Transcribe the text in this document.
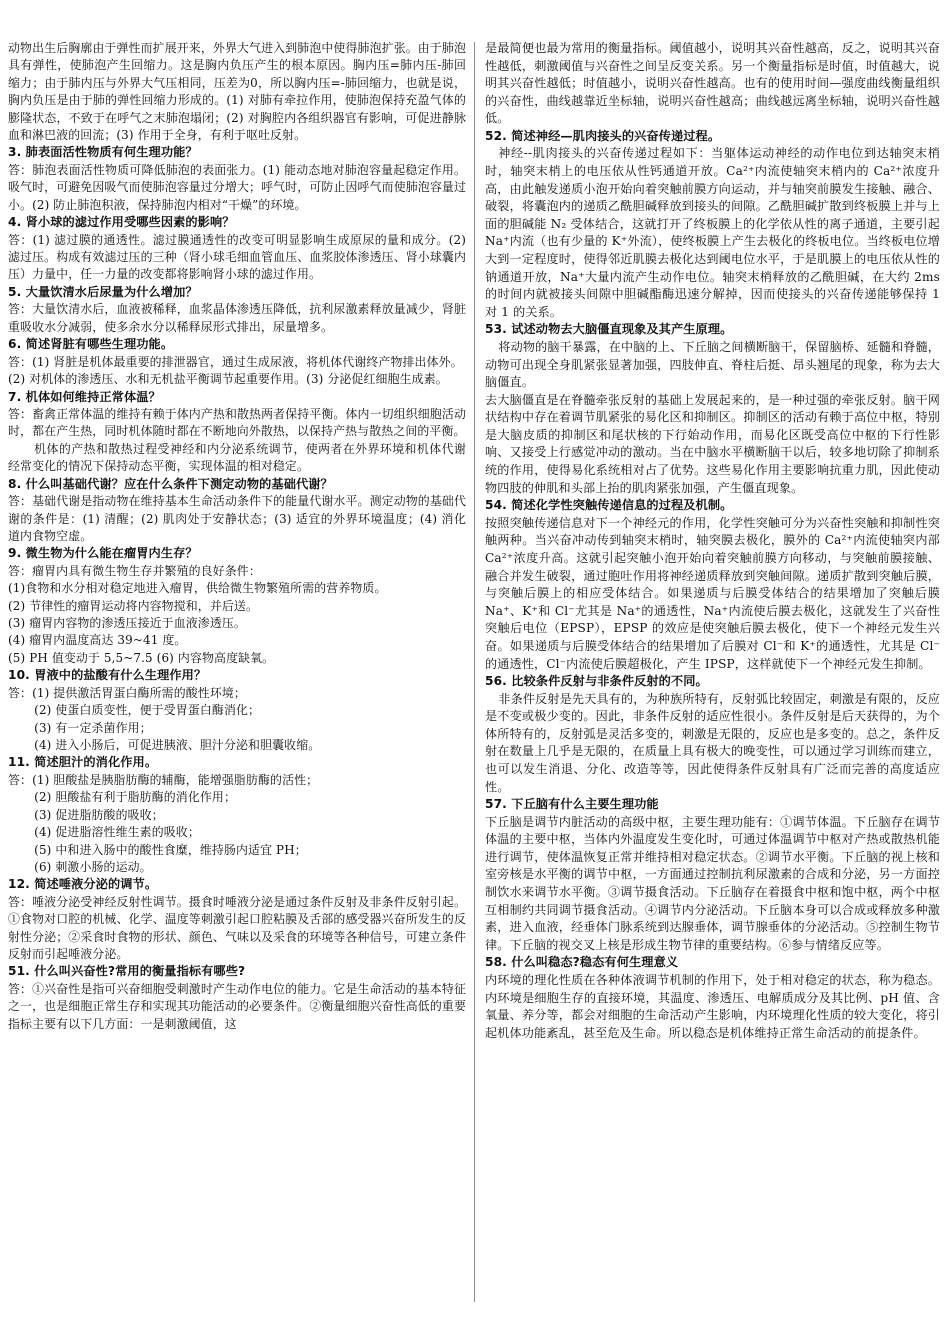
动物出生后胸廓由于弹性而扩展开来，外界大气进入到肺泡中使得肺泡扩张。由于肺泡具有弹性，使肺泡产生回缩力。这是胸内负压产生的根本原因。胸内压=肺内压-肺回缩力；由于肺内压与外界大气压相同，压差为0，所以胸内压=-肺回缩力，也就是说，胸内负压是由于肺的弹性回缩力形成的。(1) 对肺有牵拉作用，使肺泡保持充盈气体的膨隆状态，不致于在呼气之末肺泡塌闭；(2) 对胸腔内各组织器官有影响，可促进静脉血和淋巴液的回流；(3) 作用于全身，有利于呕吐反射。
3. 肺表面活性物质有何生理功能？
答：肺泡表面活性物质可降低肺泡的表面张力。(1) 能动态地对肺泡容量起稳定作用。吸气时，可避免因吸气而使肺泡容量过分增大；呼气时，可防止因呼气而使肺泡容量过小。(2) 防止肺泡积液，保持肺泡内相对“干燥”的环境。
4. 肾小球的滤过作用受哪些因素的影响？
答：(1) 滤过膜的通透性。滤过膜通透性的改变可明显影响生成原尿的量和成分。(2) 滤过压。构成有效滤过压的三种（肾小球毛细血管血压、血浆胶体渗透压、肾小球囊内压）力量中，任一力量的改变都将影响肾小球的滤过作用。
5. 大量饮清水后尿量为什么增加？
答：大量饮清水后，血液被稀释，血浆晶体渗透压降低，抗利尿激素释放量减少，肾脏重吸收水分减弱，使多余水分以稀释尿形式排出，尿量增多。
6. 简述肾脏有哪些生理功能。
答：(1) 肾脏是机体最重要的排泄器官，通过生成尿液，将机体代谢终产物排出体外。
(2) 对机体的渗透压、水和无机盐平衡调节起重要作用。(3) 分泌促红细胞生成素。
7. 机体如何维持正常体温？
答：畜禽正常体温的维持有赖于体内产热和散热两者保持平衡。体内一切组织细胞活动时，都在产生热，同时机体随时都在不断地向外散热，以保持产热与散热之间的平衡。
机体的产热和散热过程受神经和内分泌系统调节，使两者在外界环境和机体代谢经常变化的情况下保持动态平衡，实现体温的相对稳定。
8. 什么叫基础代谢？应在什么条件下测定动物的基础代谢？
答：基础代谢是指动物在维持基本生命活动条件下的能量代谢水平。测定动物的基础代谢的条件是：(1) 清醒；(2) 肌肉处于安静状态；(3) 适宜的外界环境温度；(4) 消化道内食物空虚。
9. 微生物为什么能在瘤胃内生存？
答：瘤胃内具有微生物生存并繁殖的良好条件：
(1)食物和水分相对稳定地进入瘤胃，供给微生物繁殖所需的营养物质。
(2) 节律性的瘤胃运动将内容物搅和，并后送。
(3) 瘤胃内容物的渗透压接近于血液渗透压。
(4) 瘤胃内温度高达 39~41 度。
(5) PH 值变动于 5,5~7.5 (6) 内容物高度缺氧。
10. 胃液中的盐酸有什么生理作用？
答：(1) 提供激活胃蛋白酶所需的酸性环境；
(2) 使蛋白质变性，便于受胃蛋白酶消化；
(3) 有一定杀菌作用；
(4) 进入小肠后，可促进胰液、胆汁分泌和胆囊收缩。
11. 简述胆汁的消化作用。
答：(1) 胆酸盐是胰脂肪酶的辅酶，能增强脂肪酶的活性；
(2) 胆酸盐有利于脂肪酶的消化作用；
(3) 促进脂肪酸的吸收；
(4) 促进脂溶性维生素的吸收；
(5) 中和进入肠中的酸性食糜，维持肠内适宜 PH；
(6) 刺激小肠的运动。
12. 简述唾液分泌的调节。
答：唾液分泌受神经反射性调节。摄食时唾液分泌是通过条件反射及非条件反射引起。①食物对口腔的机械、化学、温度等刺激引起口腔粘膜及舌部的感受器兴奋所发生的反射性分泌；②采食时食物的形状、颜色、气味以及采食的环境等各种信号，可建立条件反射而引起唾液分泌。
51. 什么叫兴奋性?常用的衡量指标有哪些?
答：①兴奋性是指可兴奋细胞受刺激时产生动作电位的能力。它是生命活动的基本特征之一，也是细胞正常生存和实现其功能活动的必要条件。②衡量细胞兴奋性高低的重要指标主要有以下几方面：一是刺激阈值，这
是最简便也最为常用的衡量指标。阈值越小，说明其兴奋性越高，反之，说明其兴奋性越低，刺激阈值与兴奋性之间呈反变关系。另一个衡量指标是时值，时值越大，说明其兴奋性越低；时值越小，说明兴奋性越高。也有的使用时间—强度曲线衡量组织的兴奋性，曲线越靠近坐标轴，说明兴奋性越高；曲线越远离坐标轴，说明兴奋性越低。
52. 简述神经—肌肉接头的兴奋传递过程。
神经--肌肉接头的兴奋传递过程如下：当躯体运动神经的动作电位到达轴突末梢时，轴突末梢上的电压依从性钙通道开放。Ca²⁺内流使轴突末梢内的 Ca²⁺浓度升高，由此触发递质小泡开始向着突触前膜方向运动，并与轴突前膜发生接触、融合、破裂，将囊泡内的递质乙酰胆碱释放到接头的间隙。乙酰胆碱扩散到终板膜上并与上面的胆碱能 N₂ 受体结合，这就打开了终板膜上的化学依从性的离子通道，主要引起 Na⁺内流（也有少量的 K⁺外流），使终板膜上产生去极化的终板电位。当终板电位增大到一定程度时，使得邻近肌膜去极化达到阈电位水平，于是肌膜上的电压依从性的钠通道开放，Na⁺大量内流产生动作电位。轴突末梢释放的乙酰胆碱，在大约 2ms 的时间内就被接头间隙中胆碱酯酶迅速分解掉，因而使接头的兴奋传递能够保持 1 对 1 的关系。
53. 试述动物去大脑僵直现象及其产生原理。
将动物的脑干暴露，在中脑的上、下丘脑之间横断脑干，保留脑桥、延髓和脊髓，动物可出现全身肌紧张显著加强，四肢伸直、脊柱后挺、昂头翘尾的现象，称为去大脑僵直。
去大脑僵直是在脊髓牵张反射的基础上发展起来的，是一种过强的牵张反射。脑干网状结构中存在着调节肌紧张的易化区和抑制区。抑制区的活动有赖于高位中枢，特别是大脑皮质的抑制区和尾状核的下行始动作用，而易化区既受高位中枢的下行性影响、又接受上行感觉冲动的激动。当在中脑水平横断脑干以后，较多地切除了抑制系统的作用，使得易化系统相对占了优势。这些易化作用主要影响抗重力肌，因此使动物四肢的伸肌和头部上抬的肌肉紧张加强，产生僵直现象。
54. 简述化学性突触传递信息的过程及机制。
按照突触传递信息对下一个神经元的作用，化学性突触可分为兴奋性突触和抑制性突触两种。当兴奋冲动传到轴突末梢时，轴突膜去极化，膜外的 Ca²⁺内流使轴突内部 Ca²⁺浓度升高。这就引起突触小泡开始向着突触前膜方向移动，与突触前膜接触、融合并发生破裂，通过胞吐作用将神经递质释放到突触间隙。递质扩散到突触后膜，与突触后膜上的相应受体结合。如果递质与后膜受体结合的结果增加了突触后膜 Na⁺、K⁺和 Cl⁻尤其是 Na⁺的通透性，Na⁺内流使后膜去极化，这就发生了兴奋性突触后电位（EPSP），EPSP 的效应是使突触后膜去极化，使下一个神经元发生兴奋。如果递质与后膜受体结合的结果增加了后膜对 Cl⁻和 K⁺的通透性，尤其是 Cl⁻的通透性，Cl⁻内流使后膜超极化，产生 IPSP，这样就使下一个神经元发生抑制。
56. 比较条件反射与非条件反射的不同。
非条件反射是先天具有的，为种族所特有，反射弧比较固定，刺激是有限的，反应是不变或极少变的。因此，非条件反射的适应性很小。条件反射是后天获得的，为个体所特有的，反射弧是灵活多变的，刺激是无限的，反应也是多变的。总之，条件反射在数量上几乎是无限的，在质量上具有极大的晚变性，可以通过学习训练而建立，也可以发生消退、分化、改造等等，因此使得条件反射具有广泛而完善的高度适应性。
57. 下丘脑有什么主要生理功能
下丘脑是调节内脏活动的高级中枢，主要生理功能有：①调节体温。下丘脑存在调节体温的主要中枢，当体内外温度发生变化时，可通过体温调节中枢对产热或散热机能进行调节，使体温恢复正常并维持相对稳定状态。②调节水平衡。下丘脑的视上核和室旁核是水平衡的调节中枢，一方面通过控制抗利尿激素的合成和分泌，另一方面控制饮水来调节水平衡。③调节摄食活动。下丘脑存在着摄食中枢和饱中枢，两个中枢互相制约共同调节摄食活动。④调节内分泌活动。下丘脑本身可以合成或释放多种激素，进入血液，经垂体门脉系统到达腺垂体，调节腺垂体的分泌活动。⑤控制生物节律。下丘脑的视交叉上核是形成生物节律的重要结构。⑥参与情绪反应等。
58. 什么叫稳态?稳态有何生理意义
内环境的理化性质在各种体液调节机制的作用下，处于相对稳定的状态，称为稳态。内环境是细胞生存的直接环境，其温度、渗透压、电解质成分及其比例、pH 值、含氧量、养分等，都会对细胞的生命活动产生影响，内环境理化性质的较大变化，将引起机体功能紊乱，甚至危及生命。所以稳态是机体维持正常生命活动的前提条件。
